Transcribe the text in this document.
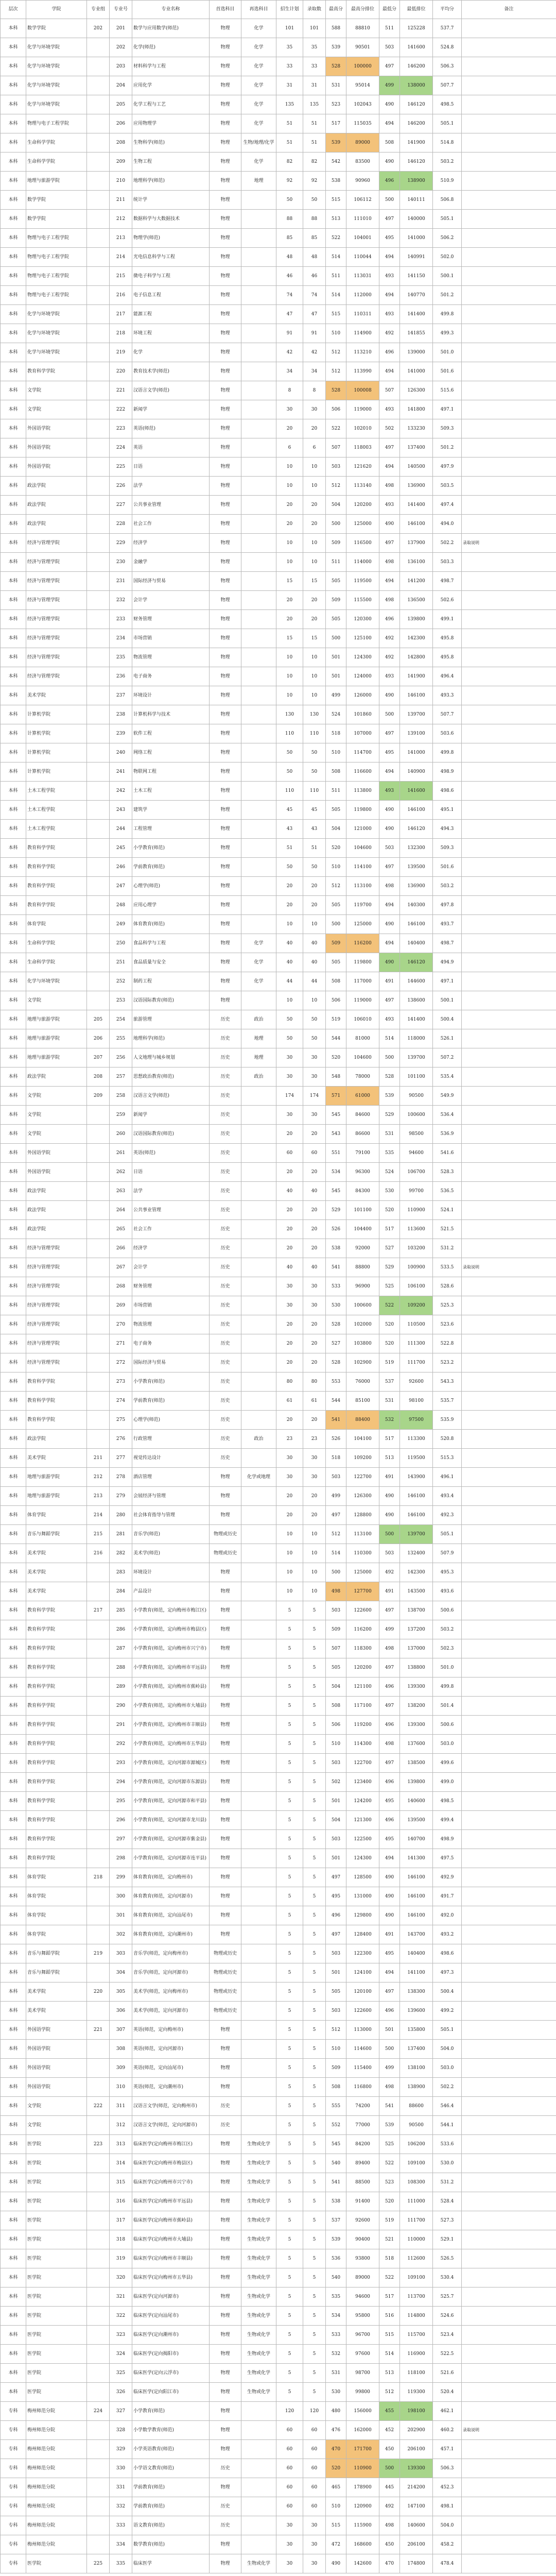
层次	学院	专业组	专业号	专业名称	首选科目	再选科目	招生计划	录取数	最高分	最高分排位	最低分	最低排位	平均分	备注
本科	数学学院	202	201	数学与应用数学(师范)	物理	化学	101	101	588	88810	511	125228	537.7	
本科	化学与环境学院		202	化学(师范)	物理	化学	35	35	539	90501	503	141600	524.8	
本科	化学与环境学院		203	材料科学与工程	物理	化学	33	33	528	100000	497	146200	506.3	
本科	化学与环境学院		204	应用化学	物理	化学	31	31	531	95014	499	138000	507.7	
本科	化学与环境学院		205	化学工程与工艺	物理	化学	135	135	523	102043	490	146120	498.5	
本科	物理与电子工程学院		206	应用物理学	物理	化学	51	51	517	115035	494	146200	505.1	
本科	生命科学学院		208	生物科学(师范)	物理	生物/地理/化学	51	51	539	89000	508	141900	514.8	
本科	生命科学学院		209	生物工程	物理	化学	82	82	542	83500	490	146120	503.2	
本科	地理与旅游学院		210	地理科学(师范)	物理	地理	92	92	538	90960	496	138900	510.9	
本科	数学学院		211	统计学	物理		50	50	515	106112	500	140111	506.8	
本科	数学学院		212	数据科学与大数据技术	物理		88	88	513	111010	497	140000	505.1	
本科	物理与电子工程学院		213	物理学(师范)	物理		85	85	522	104001	495	141000	506.2	
本科	物理与电子工程学院		214	光电信息科学与工程	物理		48	48	514	110044	494	140991	502.0	
本科	物理与电子工程学院		215	微电子科学与工程	物理		46	46	511	113031	493	141150	500.1	
本科	物理与电子工程学院		216	电子信息工程	物理		74	74	514	112000	494	140770	501.2	
本科	化学与环境学院		217	能源工程	物理		47	47	515	110311	493	141400	499.8	
本科	化学与环境学院		218	环境工程	物理		91	91	510	114900	492	141855	499.3	
本科	化学与环境学院		219	化学	物理		42	42	512	113210	496	139000	501.0	
本科	教育科学学院		220	教育技术学(师范)	物理		34	34	512	113990	494	141000	501.6	
本科	文学院		221	汉语言文学(师范)	物理		8	8	528	100008	507	126300	515.6	
本科	文学院		222	新闻学	物理		30	30	506	119000	493	141800	497.1	
本科	外国语学院		223	英语(师范)	物理		20	20	522	102010	502	133230	509.3	
本科	外国语学院		224	英语	物理		6	6	507	118003	497	137400	501.2	
本科	外国语学院		225	日语	物理		10	10	503	121620	494	140500	497.9	
本科	政法学院		226	法学	物理		10	10	512	113140	498	136900	503.5	
本科	政法学院		227	公共事业管理	物理		20	20	504	120200	493	141400	497.4	
本科	政法学院		228	社会工作	物理		20	20	500	125000	490	146100	494.0	
本科	经济与管理学院		229	经济学	物理		10	10	509	116500	497	137900	502.2	录取说明
本科	经济与管理学院		230	金融学	物理		10	10	511	114000	498	136100	503.3	
本科	经济与管理学院		231	国际经济与贸易	物理		15	15	505	119500	494	141200	498.7	
本科	经济与管理学院		232	会计学	物理		20	20	509	115500	498	136500	502.6	
本科	经济与管理学院		233	财务管理	物理		20	20	505	120300	496	139800	499.1	
本科	经济与管理学院		234	市场营销	物理		15	15	500	125100	492	142300	495.8	
本科	经济与管理学院		235	物流管理	物理		10	10	501	124300	492	142800	495.8	
本科	经济与管理学院		236	电子商务	物理		10	10	501	124000	493	141900	496.4	
本科	美术学院		237	环境设计	物理		10	10	499	126000	490	146100	493.3	
本科	计算机学院		238	计算机科学与技术	物理		130	130	524	101860	500	139700	507.7	
本科	计算机学院		239	软件工程	物理		110	110	518	107000	497	139100	503.6	
本科	计算机学院		240	网络工程	物理		50	50	510	114700	495	141000	499.8	
本科	计算机学院		241	物联网工程	物理		50	50	508	116600	494	140900	498.9	
本科	土木工程学院		242	土木工程	物理		110	110	511	113800	493	141600	498.6	
本科	土木工程学院		243	建筑学	物理		45	45	505	119800	490	146100	495.1	
本科	土木工程学院		244	工程管理	物理		43	43	504	121000	490	146120	494.3	
本科	教育科学学院		245	小学教育(师范)	物理		51	51	520	104600	503	132300	509.3	
本科	教育科学学院		246	学前教育(师范)	物理		50	50	510	114100	497	139500	501.6	
本科	教育科学学院		247	心理学(师范)	物理		20	20	512	113100	498	136900	503.2	
本科	教育科学学院		248	应用心理学	物理		20	20	505	119700	494	140300	497.8	
本科	体育学院		249	体育教育(师范)	物理		10	10	500	125000	490	146100	493.7	
本科	生命科学学院		250	食品科学与工程	物理	化学	40	40	509	116200	494	140400	498.7	
本科	生命科学学院		251	食品质量与安全	物理	化学	40	40	505	119800	490	146120	494.9	
本科	化学与环境学院		252	制药工程	物理	化学	44	44	508	117000	491	144600	497.1	
本科	文学院		253	汉语国际教育(师范)	物理		10	10	506	119000	497	138600	500.1	
本科	地理与旅游学院	205	254	旅游管理	历史	政治	50	50	519	106010	493	141400	500.4	
本科	地理与旅游学院	206	255	地理科学(师范)	历史	地理	50	50	544	81000	514	118000	526.1	
本科	地理与旅游学院	207	256	人文地理与城乡规划	历史	地理	30	30	520	104600	500	139700	507.2	
本科	政法学院	208	257	思想政治教育(师范)	历史	政治	30	30	548	78000	528	101100	535.4	
本科	文学院	209	258	汉语言文学(师范)	历史		174	174	571	61000	539	90500	549.9	
本科	文学院		259	新闻学	历史		30	30	545	84600	529	100600	536.4	
本科	文学院		260	汉语国际教育(师范)	历史		20	20	543	86600	531	98500	536.9	
本科	外国语学院		261	英语(师范)	历史		60	60	551	79100	535	94600	541.6	
本科	外国语学院		262	日语	历史		20	20	534	96300	524	106700	528.3	
本科	政法学院		263	法学	历史		40	40	545	84300	530	99700	536.5	
本科	政法学院		264	公共事业管理	历史		20	20	529	101100	520	110900	524.1	
本科	政法学院		265	社会工作	历史		20	20	526	104400	517	113600	521.5	
本科	经济与管理学院		266	经济学	历史		20	20	538	92000	527	103200	531.2	
本科	经济与管理学院		267	会计学	历史		40	40	541	88800	529	100900	533.5	录取说明
本科	经济与管理学院		268	财务管理	历史		30	30	533	96900	525	106100	528.6	
本科	经济与管理学院		269	市场营销	历史		30	30	530	100600	522	109200	525.3	
本科	经济与管理学院		270	物流管理	历史		20	20	528	102000	520	110500	523.6	
本科	经济与管理学院		271	电子商务	历史		20	20	527	103800	520	111300	522.8	
本科	经济与管理学院		272	国际经济与贸易	历史		20	20	528	102900	519	111700	523.2	
本科	教育科学学院		273	小学教育(师范)	历史		80	80	553	76000	537	92600	543.3	
本科	教育科学学院		274	学前教育(师范)	历史		61	61	544	85100	531	98100	535.7	
本科	教育科学学院		275	心理学(师范)	历史		20	20	541	88400	532	97500	535.9	
本科	政法学院		276	行政管理	历史	政治	23	23	526	104100	517	113300	520.8	
本科	美术学院	211	277	视觉传达设计	历史		30	30	518	109200	513	119500	515.3	
本科	地理与旅游学院	212	278	酒店管理	物理	化学或地理	30	30	503	122700	491	143900	496.1	
本科	地理与旅游学院	213	279	会展经济与管理	物理		20	20	499	126300	490	146100	493.4	
本科	体育学院	214	280	社会体育指导与管理	物理		20	20	497	128800	490	146100	492.3	
本科	音乐与舞蹈学院	215	281	音乐学(师范)	物理或历史		10	10	512	113100	500	139700	505.1	
本科	美术学院	216	282	美术学(师范)	物理或历史		10	10	514	110300	503	132400	507.9	
本科	美术学院		283	环境设计	物理		10	10	500	125000	492	142300	495.3	
本科	美术学院		284	产品设计	物理		10	10	498	127700	491	143500	493.6	
本科	教育科学学院	217	285	小学教育(师范，定向梅州市梅江区)	物理		5	5	503	122600	497	138700	500.6	
本科	教育科学学院		286	小学教育(师范，定向梅州市梅县区)	物理		5	5	509	116200	499	137200	503.2	
本科	教育科学学院		287	小学教育(师范，定向梅州市兴宁市)	物理		5	5	507	118300	498	137000	502.3	
本科	教育科学学院		288	小学教育(师范，定向梅州市平远县)	物理		5	5	505	120200	497	138800	501.0	
本科	教育科学学院		289	小学教育(师范，定向梅州市蕉岭县)	物理		5	5	504	121100	496	139300	499.8	
本科	教育科学学院		290	小学教育(师范，定向梅州市大埔县)	物理		5	5	508	117100	497	138200	501.4	
本科	教育科学学院		291	小学教育(师范，定向梅州市丰顺县)	物理		5	5	506	119200	496	139300	500.6	
本科	教育科学学院		292	小学教育(师范，定向梅州市五华县)	物理		5	5	510	114300	498	137600	503.0	
本科	教育科学学院		293	小学教育(师范，定向河源市源城区)	物理		5	5	503	122700	497	138500	499.6	
本科	教育科学学院		294	小学教育(师范，定向河源市东源县)	物理		5	5	502	123400	496	139800	499.0	
本科	教育科学学院		295	小学教育(师范，定向河源市和平县)	物理		5	5	501	124200	495	140600	498.5	
本科	教育科学学院		296	小学教育(师范，定向河源市龙川县)	物理		5	5	504	121300	496	139500	499.4	
本科	教育科学学院		297	小学教育(师范，定向河源市紫金县)	物理		5	5	503	122500	495	140700	498.9	
本科	教育科学学院		298	小学教育(师范，定向河源市连平县)	物理		5	5	501	124300	494	141300	497.5	
本科	体育学院	218	299	体育教育(师范，定向梅州市)	物理		5	5	497	128500	490	146100	492.9	
本科	体育学院		300	体育教育(师范，定向河源市)	物理		5	5	495	131000	490	146100	491.7	
本科	体育学院		301	体育教育(师范，定向汕尾市)	物理		5	5	496	129800	490	146100	492.0	
本科	体育学院		302	体育教育(师范，定向潮州市)	物理		5	5	497	128400	491	143700	493.2	
本科	音乐与舞蹈学院	219	303	音乐学(师范，定向梅州市)	物理或历史		5	5	503	122300	495	140400	498.6	
本科	音乐与舞蹈学院		304	音乐学(师范，定向河源市)	物理或历史		5	5	501	124100	494	141100	497.3	
本科	美术学院	220	305	美术学(师范，定向梅州市)	物理或历史		5	5	505	120100	497	138300	500.4	
本科	美术学院		306	美术学(师范，定向河源市)	物理或历史		5	5	503	122600	496	139600	499.2	
本科	外国语学院	221	307	英语(师范，定向梅州市)	物理		5	5	512	113000	501	135800	505.1	
本科	外国语学院		308	英语(师范，定向河源市)	物理		5	5	510	114600	500	137400	504.0	
本科	外国语学院		309	英语(师范，定向汕尾市)	物理		5	5	509	115400	499	138100	503.0	
本科	外国语学院		310	英语(师范，定向潮州市)	物理		5	5	508	116800	498	138900	502.2	
本科	文学院	222	311	汉语言文学(师范，定向梅州市)	历史		5	5	555	74200	541	88600	546.4	
本科	文学院		312	汉语言文学(师范，定向河源市)	历史		5	5	552	77000	539	90500	544.1	
本科	医学院	223	313	临床医学(定向梅州市梅江区)	物理	生物或化学	5	5	545	84200	525	106200	533.6	
本科	医学院		314	临床医学(定向梅州市梅县区)	物理	生物或化学	5	5	540	89400	522	109100	530.0	
本科	医学院		315	临床医学(定向梅州市兴宁市)	物理	生物或化学	5	5	541	88500	523	108300	531.2	
本科	医学院		316	临床医学(定向梅州市平远县)	物理	生物或化学	5	5	538	91400	520	111000	528.4	
本科	医学院		317	临床医学(定向梅州市蕉岭县)	物理	生物或化学	5	5	537	92600	519	111700	527.3	
本科	医学院		318	临床医学(定向梅州市大埔县)	物理	生物或化学	5	5	539	90400	521	110000	529.1	
本科	医学院		319	临床医学(定向梅州市丰顺县)	物理	生物或化学	5	5	536	93800	518	112600	526.5	
本科	医学院		320	临床医学(定向梅州市五华县)	物理	生物或化学	5	5	540	89000	522	109100	530.4	
本科	医学院		321	临床医学(定向河源市)	物理	生物或化学	5	5	535	94600	517	113700	525.7	
本科	医学院		322	临床医学(定向汕尾市)	物理	生物或化学	5	5	534	95800	516	114800	524.6	
本科	医学院		323	临床医学(定向潮州市)	物理	生物或化学	5	5	533	96700	515	115700	523.4	
本科	医学院		324	临床医学(定向揭阳市)	物理	生物或化学	5	5	532	97600	514	116900	522.5	
本科	医学院		325	临床医学(定向云浮市)	物理	生物或化学	5	5	531	98700	513	118100	521.6	
本科	医学院		326	临床医学(定向阳江市)	物理	生物或化学	5	5	530	99800	512	119300	520.4	
专科	梅州师范分院	224	327	小学教育(师范)	物理		120	120	480	156000	455	198100	462.1	
专科	梅州师范分院		328	小学数学教育(师范)	物理		60	60	476	162000	452	202900	460.2	录取说明
专科	梅州师范分院		329	小学英语教育(师范)	物理		60	60	470	171700	450	206100	457.1	
专科	梅州师范分院		330	小学语文教育(师范)	历史		60	60	520	110900	500	139300	506.3	
专科	梅州师范分院		331	学前教育(师范)	物理		60	60	465	178900	445	214200	452.3	
专科	梅州师范分院		332	学前教育(师范)	历史		60	60	510	120900	492	147100	498.1	
专科	梅州师范分院		333	语文教育(师范)	历史		30	30	515	115900	498	140600	504.0	
专科	梅州师范分院		334	数学教育(师范)	物理		30	30	472	168600	450	206100	458.2	
专科	医学院	225	335	临床医学	物理	生物或化学	30	30	490	142600	470	174800	478.4	
